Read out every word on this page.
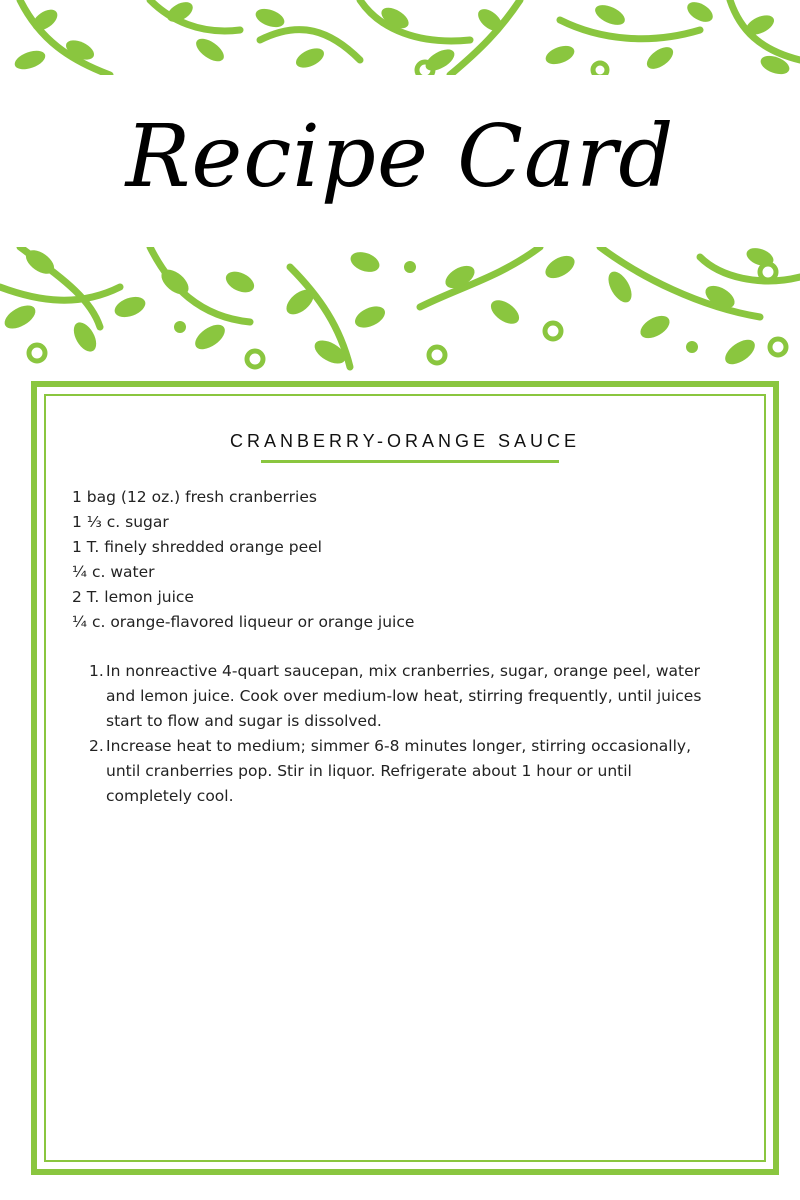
Recipe Card
CRANBERRY-ORANGE SAUCE
1 bag (12 oz.) fresh cranberries
1 ⅓ c. sugar
1 T. finely shredded orange peel
¼ c. water
2 T. lemon juice
¼ c. orange-flavored liqueur or orange juice
1. In nonreactive 4-quart saucepan, mix cranberries, sugar, orange peel, water and lemon juice. Cook over medium-low heat, stirring frequently, until juices start to flow and sugar is dissolved.
2. Increase heat to medium; simmer 6-8 minutes longer, stirring occasionally, until cranberries pop. Stir in liquor. Refrigerate about 1 hour or until completely cool.
